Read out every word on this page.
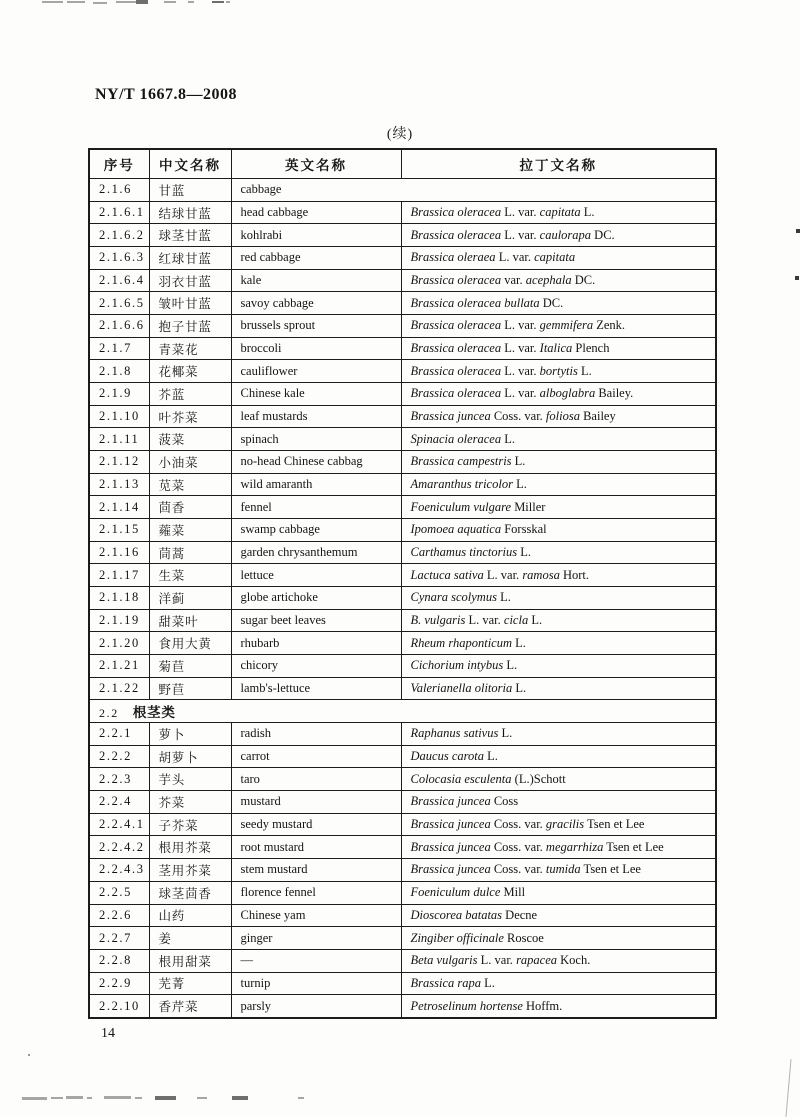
NY/T 1667.8—2008
(续)
序号	中文名称	英文名称	拉丁文名称
2.1.6	甘蓝	cabbage	
2.1.6.1	结球甘蓝	head cabbage	Brassica oleracea L. var. capitata L.
2.1.6.2	球茎甘蓝	kohlrabi	Brassica oleracea L. var. caulorapa DC.
2.1.6.3	红球甘蓝	red cabbage	Brassica oleraea L. var. capitata
2.1.6.4	羽衣甘蓝	kale	Brassica oleracea var. acephala DC.
2.1.6.5	皱叶甘蓝	savoy cabbage	Brassica oleracea bullata DC.
2.1.6.6	抱子甘蓝	brussels sprout	Brassica oleracea L. var. gemmifera Zenk.
2.1.7	青菜花	broccoli	Brassica oleracea L. var. Italica Plench
2.1.8	花椰菜	cauliflower	Brassica oleracea L. var. bortytis L.
2.1.9	芥蓝	Chinese kale	Brassica oleracea L. var. alboglabra Bailey.
2.1.10	叶芥菜	leaf mustards	Brassica juncea Coss. var. foliosa Bailey
2.1.11	菠菜	spinach	Spinacia oleracea L.
2.1.12	小油菜	no-head Chinese cabbag	Brassica campestris L.
2.1.13	苋菜	wild amaranth	Amaranthus tricolor L.
2.1.14	茴香	fennel	Foeniculum vulgare Miller
2.1.15	蕹菜	swamp cabbage	Ipomoea aquatica Forsskal
2.1.16	茼蒿	garden chrysanthemum	Carthamus tinctorius L.
2.1.17	生菜	lettuce	Lactuca sativa L. var. ramosa Hort.
2.1.18	洋蓟	globe artichoke	Cynara scolymus L.
2.1.19	甜菜叶	sugar beet leaves	B. vulgaris L. var. cicla L.
2.1.20	食用大黄	rhubarb	Rheum rhaponticum L.
2.1.21	菊苣	chicory	Cichorium intybus L.
2.1.22	野苣	lamb's-lettuce	Valerianella olitoria L.
2.2 根茎类			
2.2.1	萝卜	radish	Raphanus sativus L.
2.2.2	胡萝卜	carrot	Daucus carota L.
2.2.3	芋头	taro	Colocasia esculenta (L.)Schott
2.2.4	芥菜	mustard	Brassica juncea Coss
2.2.4.1	子芥菜	seedy mustard	Brassica juncea Coss. var. gracilis Tsen et Lee
2.2.4.2	根用芥菜	root mustard	Brassica juncea Coss. var. megarrhiza Tsen et Lee
2.2.4.3	茎用芥菜	stem mustard	Brassica juncea Coss. var. tumida Tsen et Lee
2.2.5	球茎茴香	florence fennel	Foeniculum dulce Mill
2.2.6	山药	Chinese yam	Dioscorea batatas Decne
2.2.7	姜	ginger	Zingiber officinale Roscoe
2.2.8	根用甜菜	—	Beta vulgaris L. var. rapacea Koch.
2.2.9	芜菁	turnip	Brassica rapa L.
2.2.10	香芹菜	parsly	Petroselinum hortense Hoffm.
14
